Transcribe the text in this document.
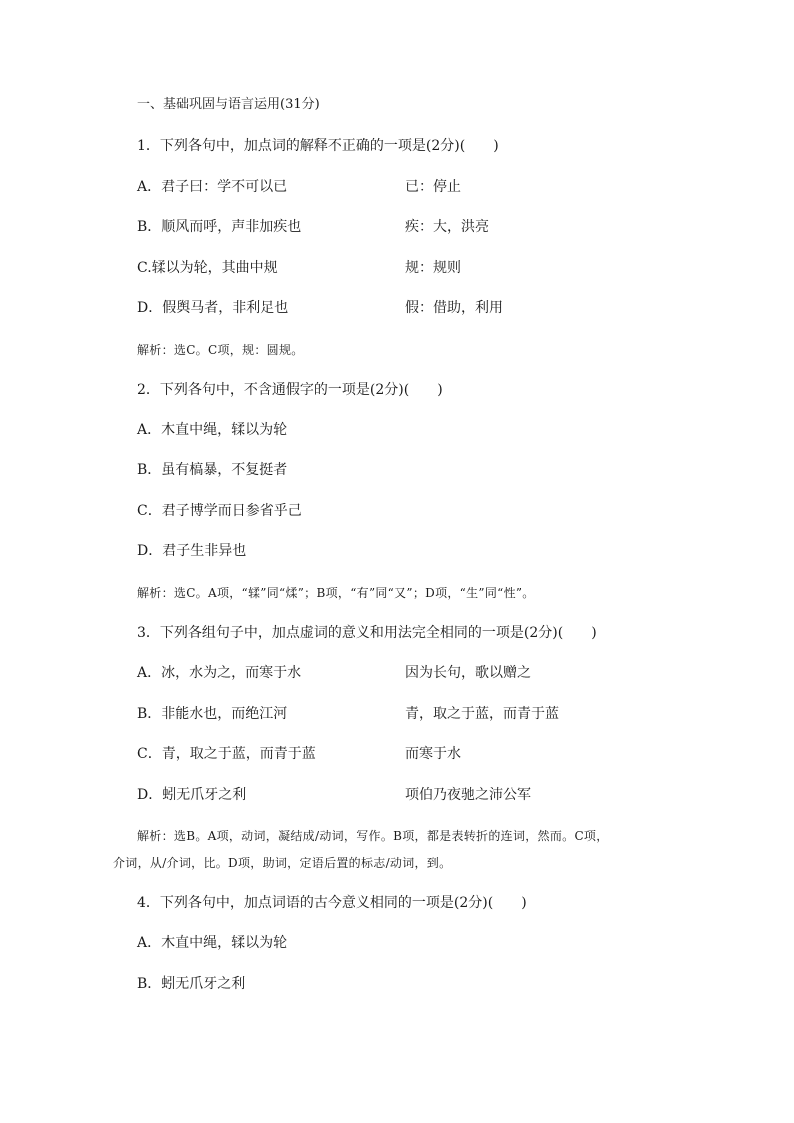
一、基础巩固与语言运用(31分)
1．下列各句中，加点词的解释不正确的一项是(2分)(　　)
A．君子曰：学不可以已	已：停止
B．顺风而呼，声非加疾也	疾：大，洪亮
C.𫐓以为轮，其曲中规	规：规则
D．假舆马者，非利足也	假：借助，利用
解析：选C。C项，规：圆规。
2．下列各句中，不含通假字的一项是(2分)(　　)
A．木直中绳，𫐓以为轮
B．虽有槁暴，不复挺者
C．君子博学而日参省乎己
D．君子生非异也
解析：选C。A项，“𫐓”同“煣”；B项，“有”同“又”；D项，“生”同“性”。
3．下列各组句子中，加点虚词的意义和用法完全相同的一项是(2分)(　　)
A．冰，水为之，而寒于水	因为长句，歌以赠之
B．非能水也，而绝江河	青，取之于蓝，而青于蓝
C．青，取之于蓝，而青于蓝	而寒于水
D．蚓无爪牙之利	项伯乃夜驰之沛公军
解析：选B。A项，动词，凝结成/动词，写作。B项，都是表转折的连词，然而。C项，
介词，从/介词，比。D项，助词，定语后置的标志/动词，到。
4．下列各句中，加点词语的古今意义相同的一项是(2分)(　　)
A．木直中绳，𫐓以为轮
B．蚓无爪牙之利
